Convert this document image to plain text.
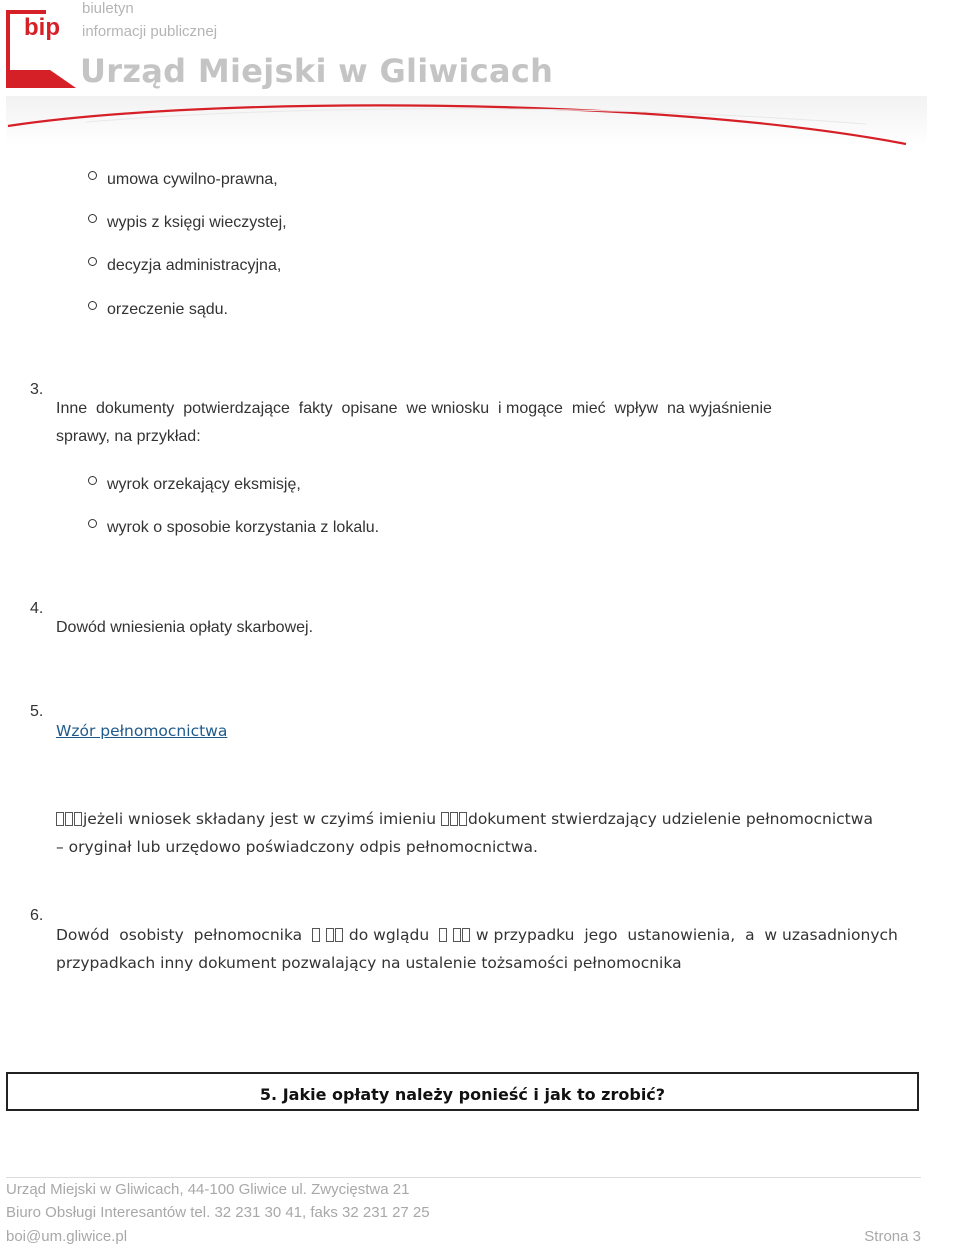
bip
biuletyn
informacji publicznej
Urząd Miejski w Gliwicach
umowa cywilno-prawna,
wypis z księgi wieczystej,
decyzja administracyjna,
orzeczenie sądu.
3.
Inne  dokumenty  potwierdzające  fakty  opisane  we wniosku  i mogące  mieć  wpływ  na wyjaśnienie
sprawy, na przykład:
wyrok orzekający eksmisję,
wyrok o sposobie korzystania z lokalu.
4.
Dowód wniesienia opłaty skarbowej.
5.
Wzór pełnomocnictwa
jeżeli wniosek składany jest w czyimś imieniu dokument stwierdzający udzielenie pełnomocnictwa
– oryginał lub urzędowo poświadczony odpis pełnomocnictwa.
6.
Dowód  osobisty  pełnomocnika	do wglądu	w przypadku  jego  ustanowienia,  a  w uzasadnionych
przypadkach inny dokument pozwalający na ustalenie tożsamości pełnomocnika
5. Jakie opłaty należy ponieść i jak to zrobić?
Urząd Miejski w Gliwicach, 44-100 Gliwice ul. Zwycięstwa 21
Biuro Obsługi Interesantów tel. 32 231 30 41, faks 32 231 27 25
boi@um.gliwice.pl	Strona 3
